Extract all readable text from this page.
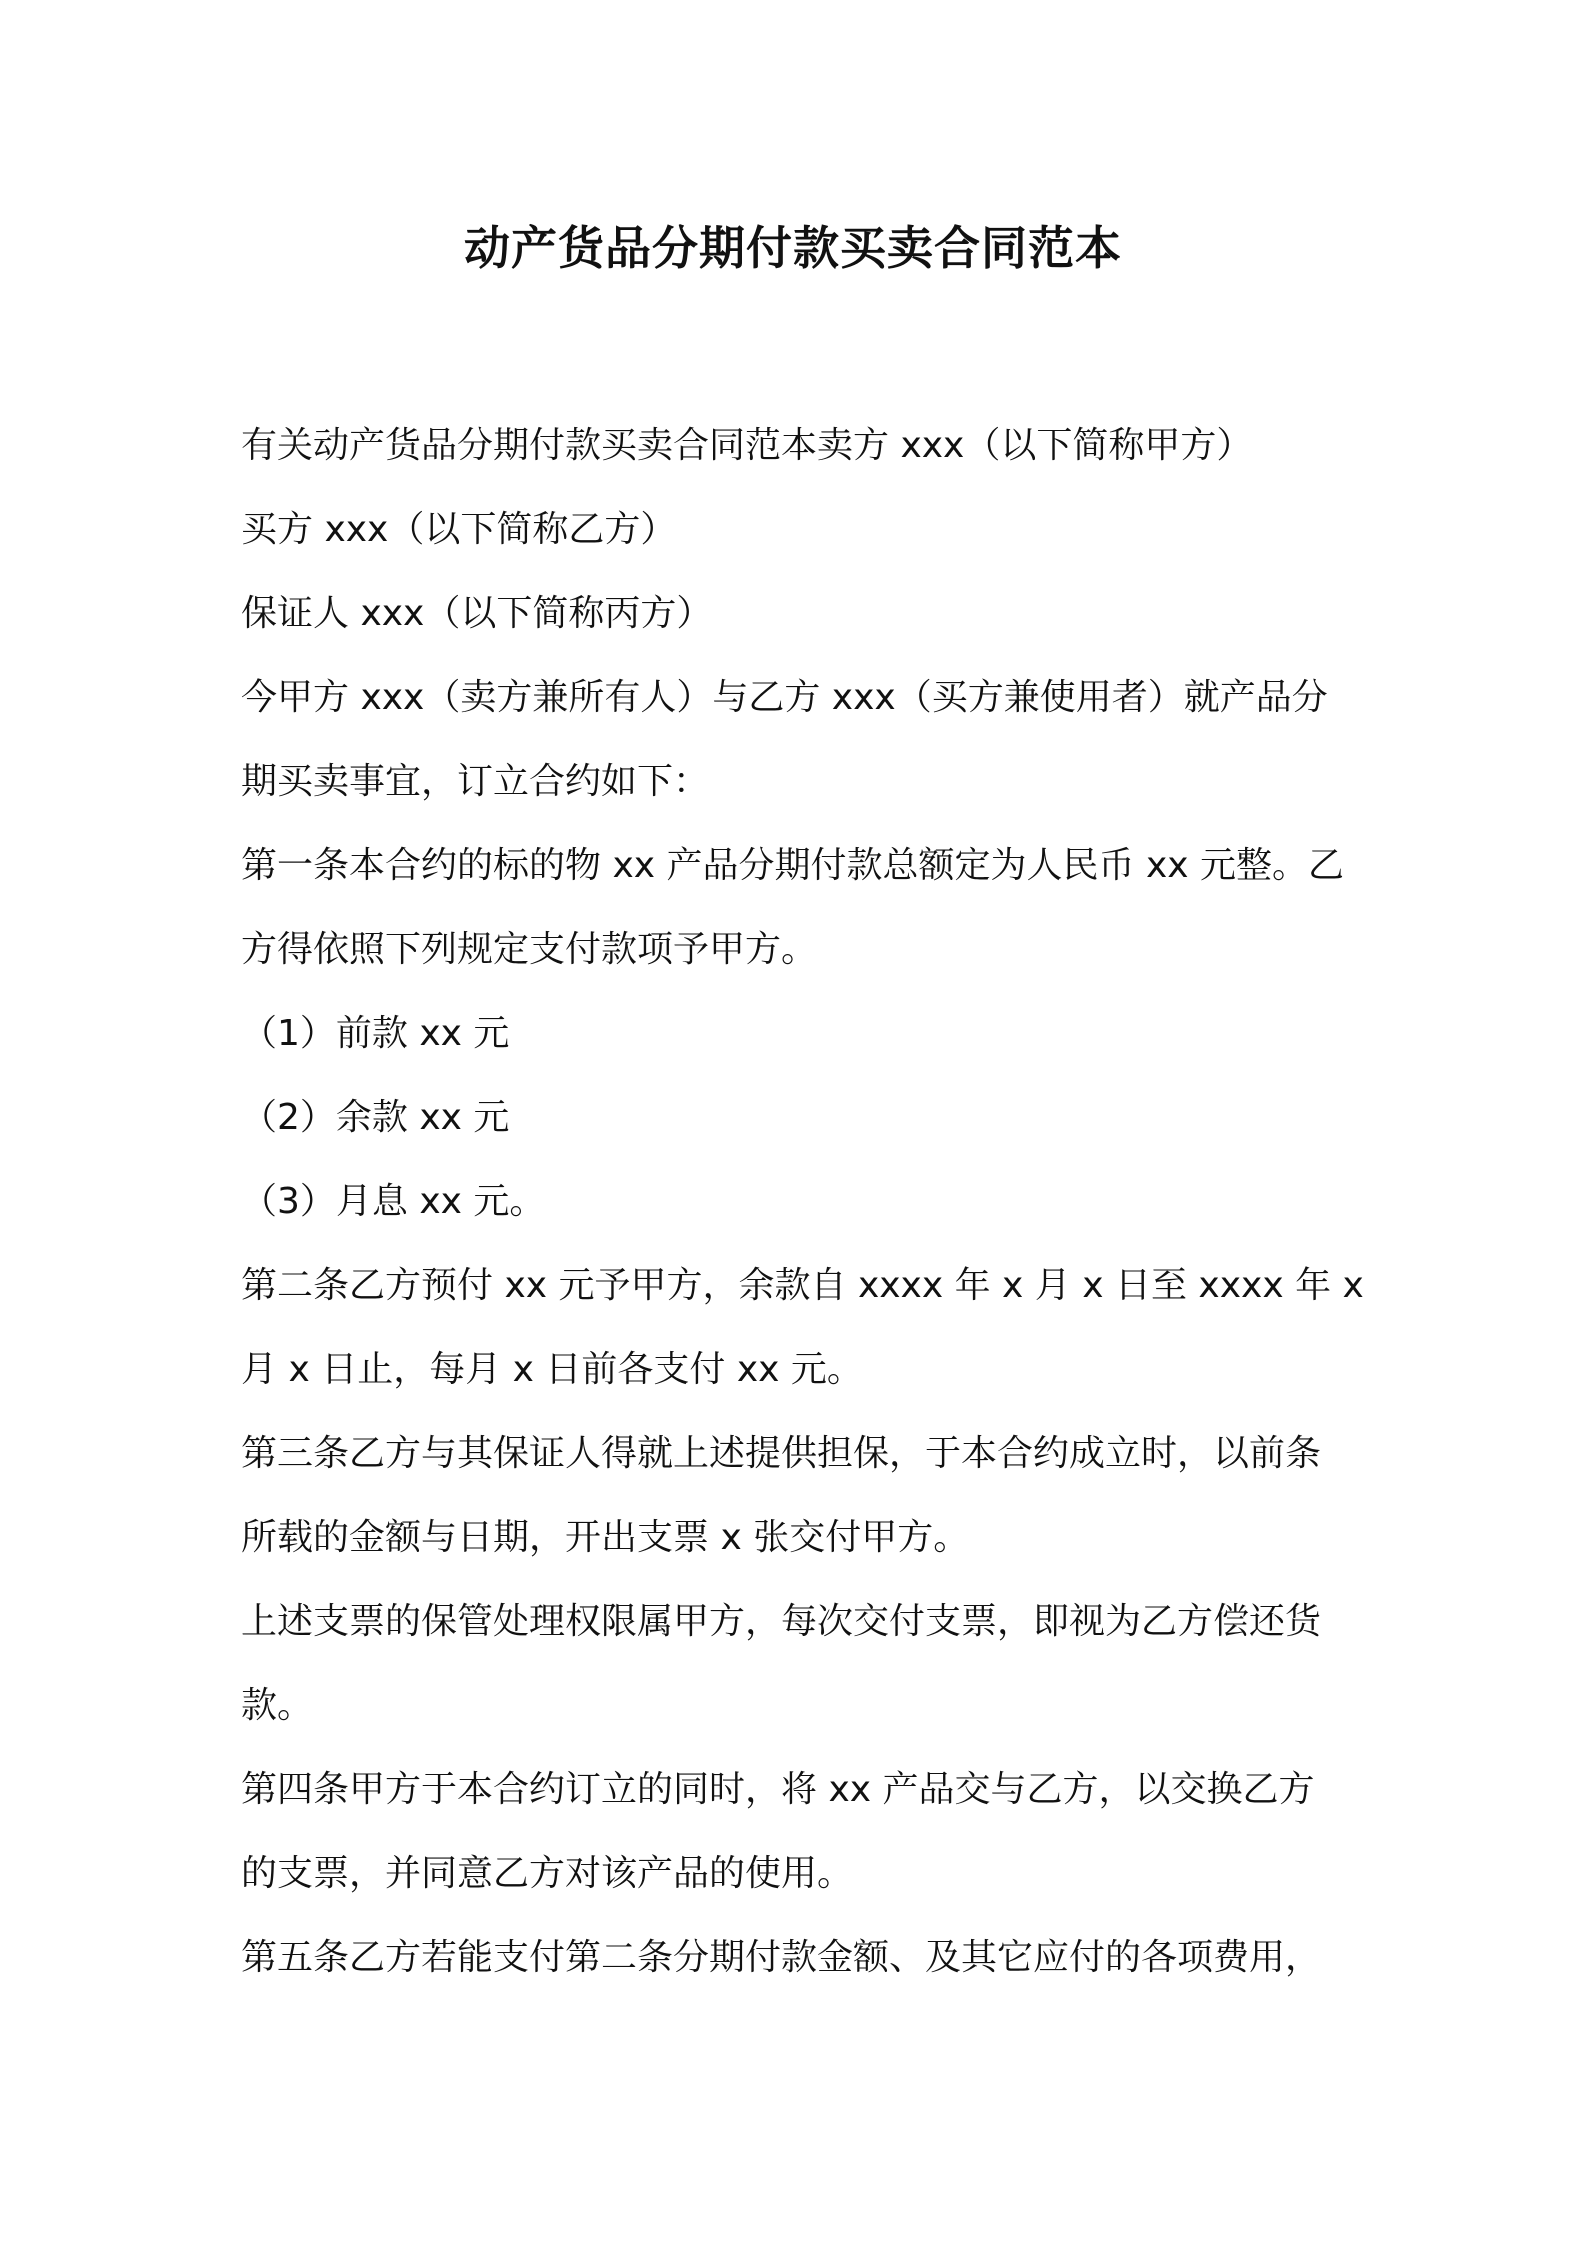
动产货品分期付款买卖合同范本

有关动产货品分期付款买卖合同范本卖方 xxx（以下简称甲方）

买方 xxx（以下简称乙方）

保证人 xxx（以下简称丙方）

今甲方 xxx（卖方兼所有人）与乙方 xxx（买方兼使用者）就产品分

期买卖事宜，订立合约如下：

第一条本合约的标的物 xx 产品分期付款总额定为人民币 xx 元整。乙

方得依照下列规定支付款项予甲方。

（1）前款 xx 元

（2）余款 xx 元

（3）月息 xx 元。

第二条乙方预付 xx 元予甲方，余款自 xxxx 年 x 月 x 日至 xxxx 年 x

月 x 日止，每月 x 日前各支付 xx 元。

第三条乙方与其保证人得就上述提供担保，于本合约成立时，以前条

所载的金额与日期，开出支票 x 张交付甲方。

上述支票的保管处理权限属甲方，每次交付支票，即视为乙方偿还货

款。

第四条甲方于本合约订立的同时，将 xx 产品交与乙方，以交换乙方

的支票，并同意乙方对该产品的使用。

第五条乙方若能支付第二条分期付款金额、及其它应付的各项费用，
